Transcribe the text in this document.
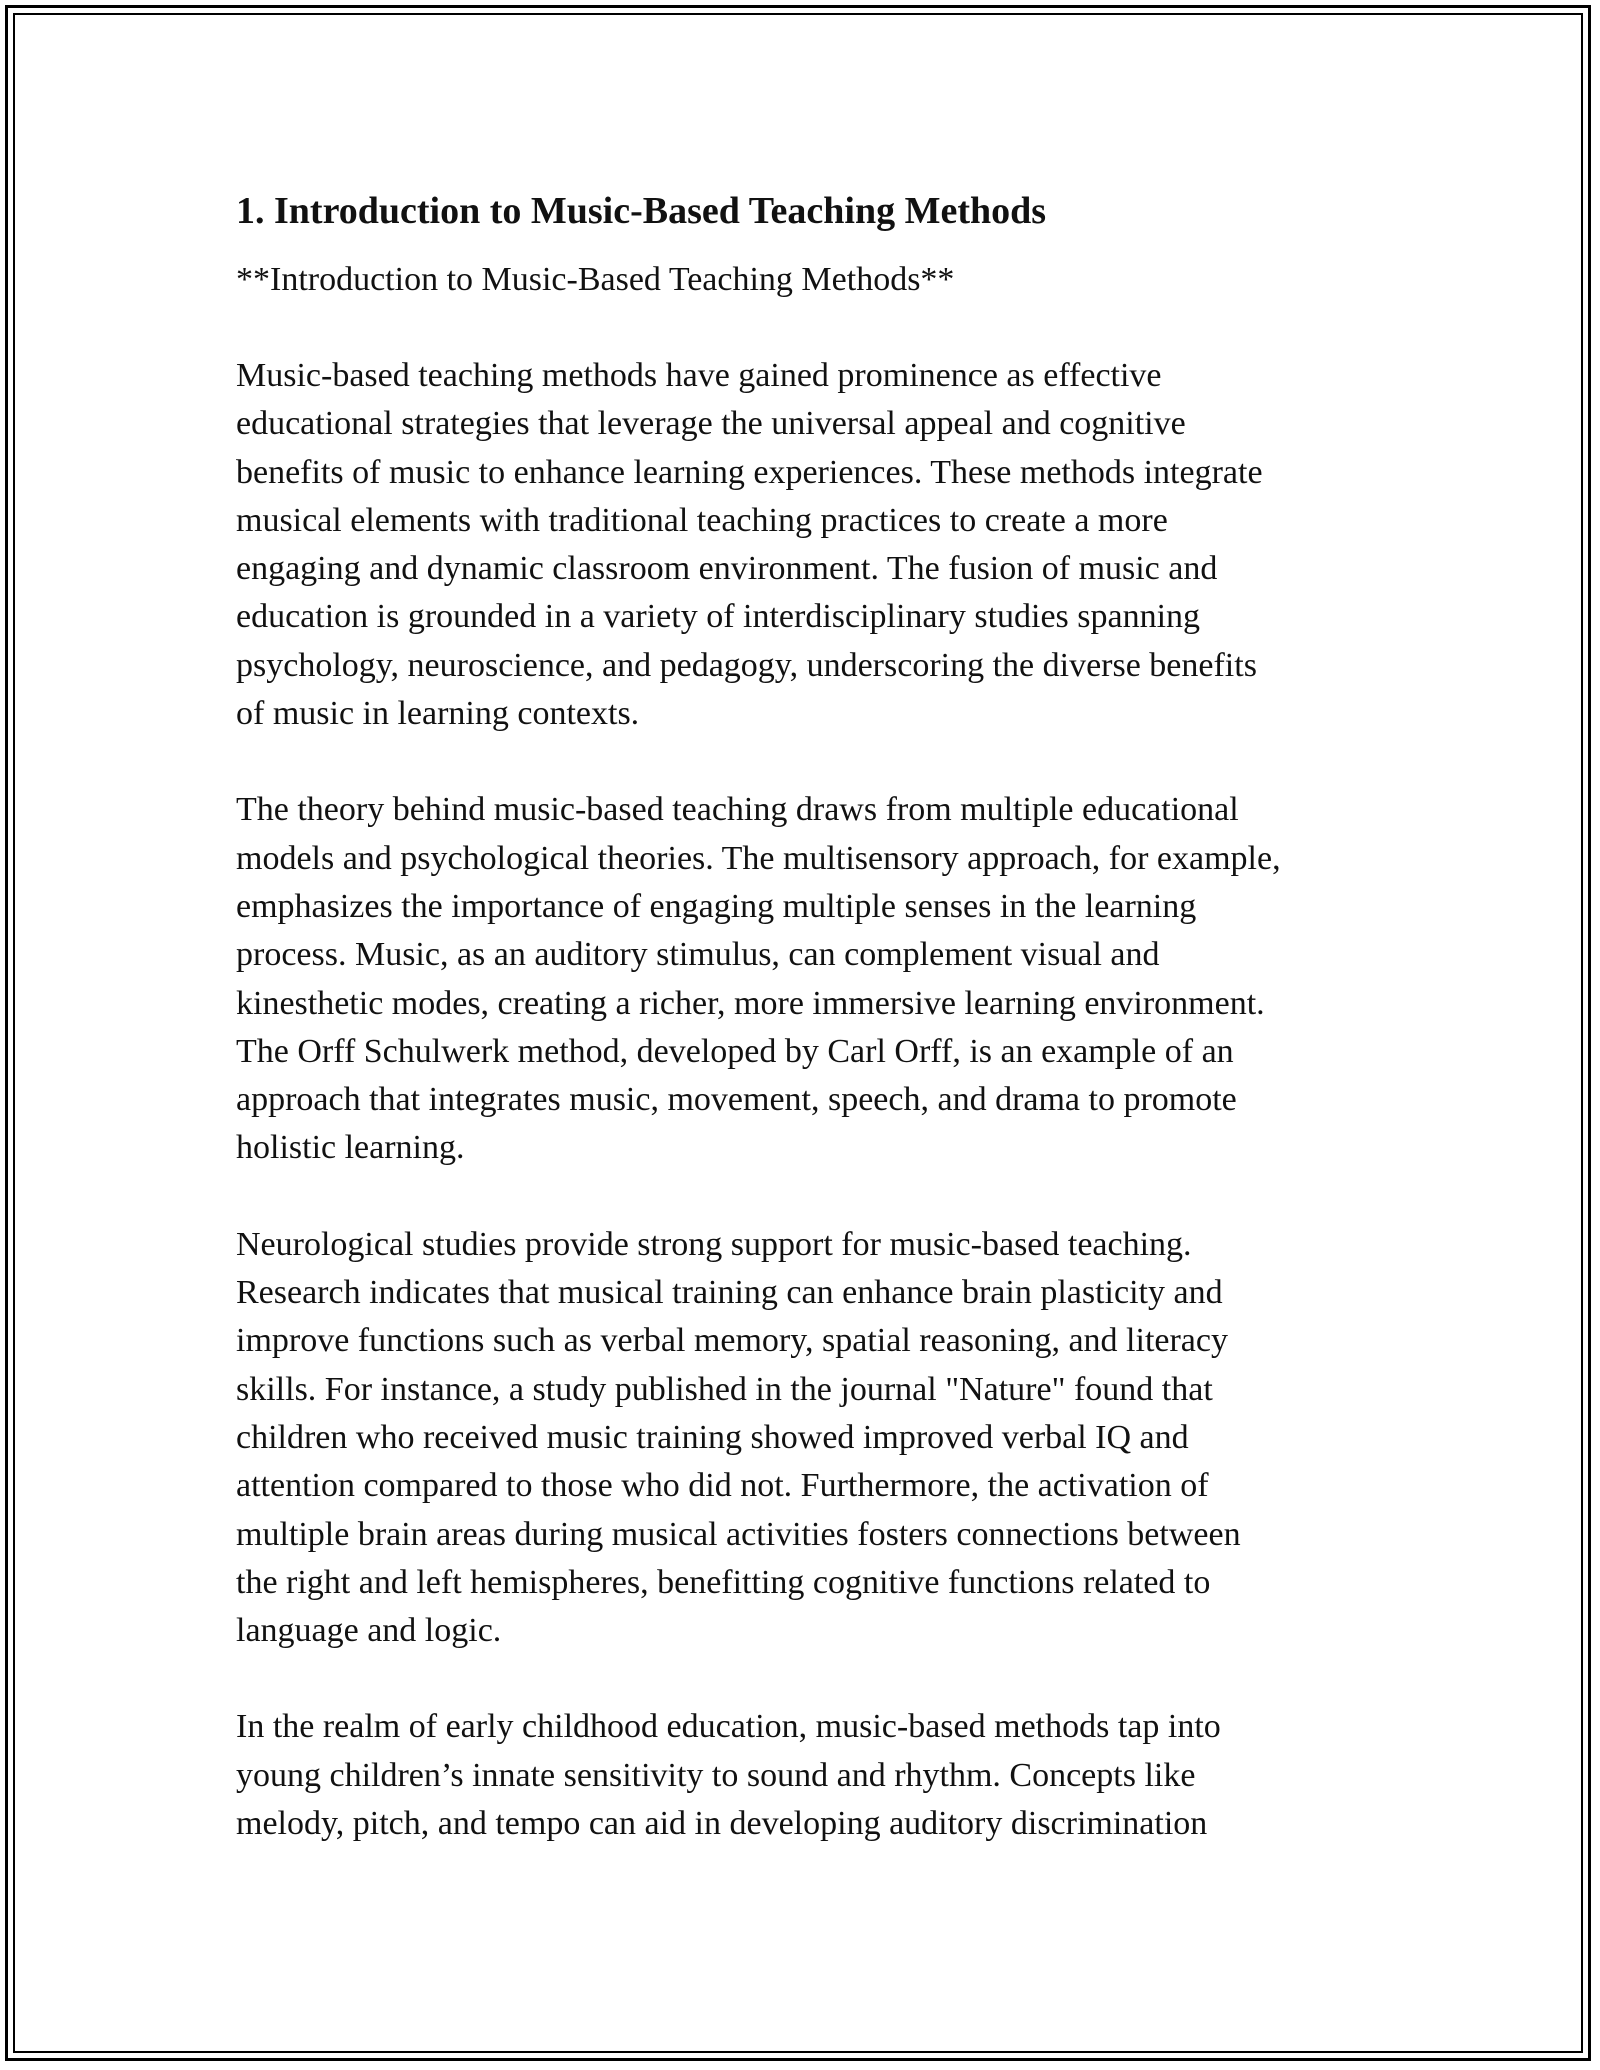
1. Introduction to Music-Based Teaching Methods
**Introduction to Music-Based Teaching Methods**
Music-based teaching methods have gained prominence as effective
educational strategies that leverage the universal appeal and cognitive
benefits of music to enhance learning experiences. These methods integrate
musical elements with traditional teaching practices to create a more
engaging and dynamic classroom environment. The fusion of music and
education is grounded in a variety of interdisciplinary studies spanning
psychology, neuroscience, and pedagogy, underscoring the diverse benefits
of music in learning contexts.
The theory behind music-based teaching draws from multiple educational
models and psychological theories. The multisensory approach, for example,
emphasizes the importance of engaging multiple senses in the learning
process. Music, as an auditory stimulus, can complement visual and
kinesthetic modes, creating a richer, more immersive learning environment.
The Orff Schulwerk method, developed by Carl Orff, is an example of an
approach that integrates music, movement, speech, and drama to promote
holistic learning.
Neurological studies provide strong support for music-based teaching.
Research indicates that musical training can enhance brain plasticity and
improve functions such as verbal memory, spatial reasoning, and literacy
skills. For instance, a study published in the journal "Nature" found that
children who received music training showed improved verbal IQ and
attention compared to those who did not. Furthermore, the activation of
multiple brain areas during musical activities fosters connections between
the right and left hemispheres, benefitting cognitive functions related to
language and logic.
In the realm of early childhood education, music-based methods tap into
young children’s innate sensitivity to sound and rhythm. Concepts like
melody, pitch, and tempo can aid in developing auditory discrimination
